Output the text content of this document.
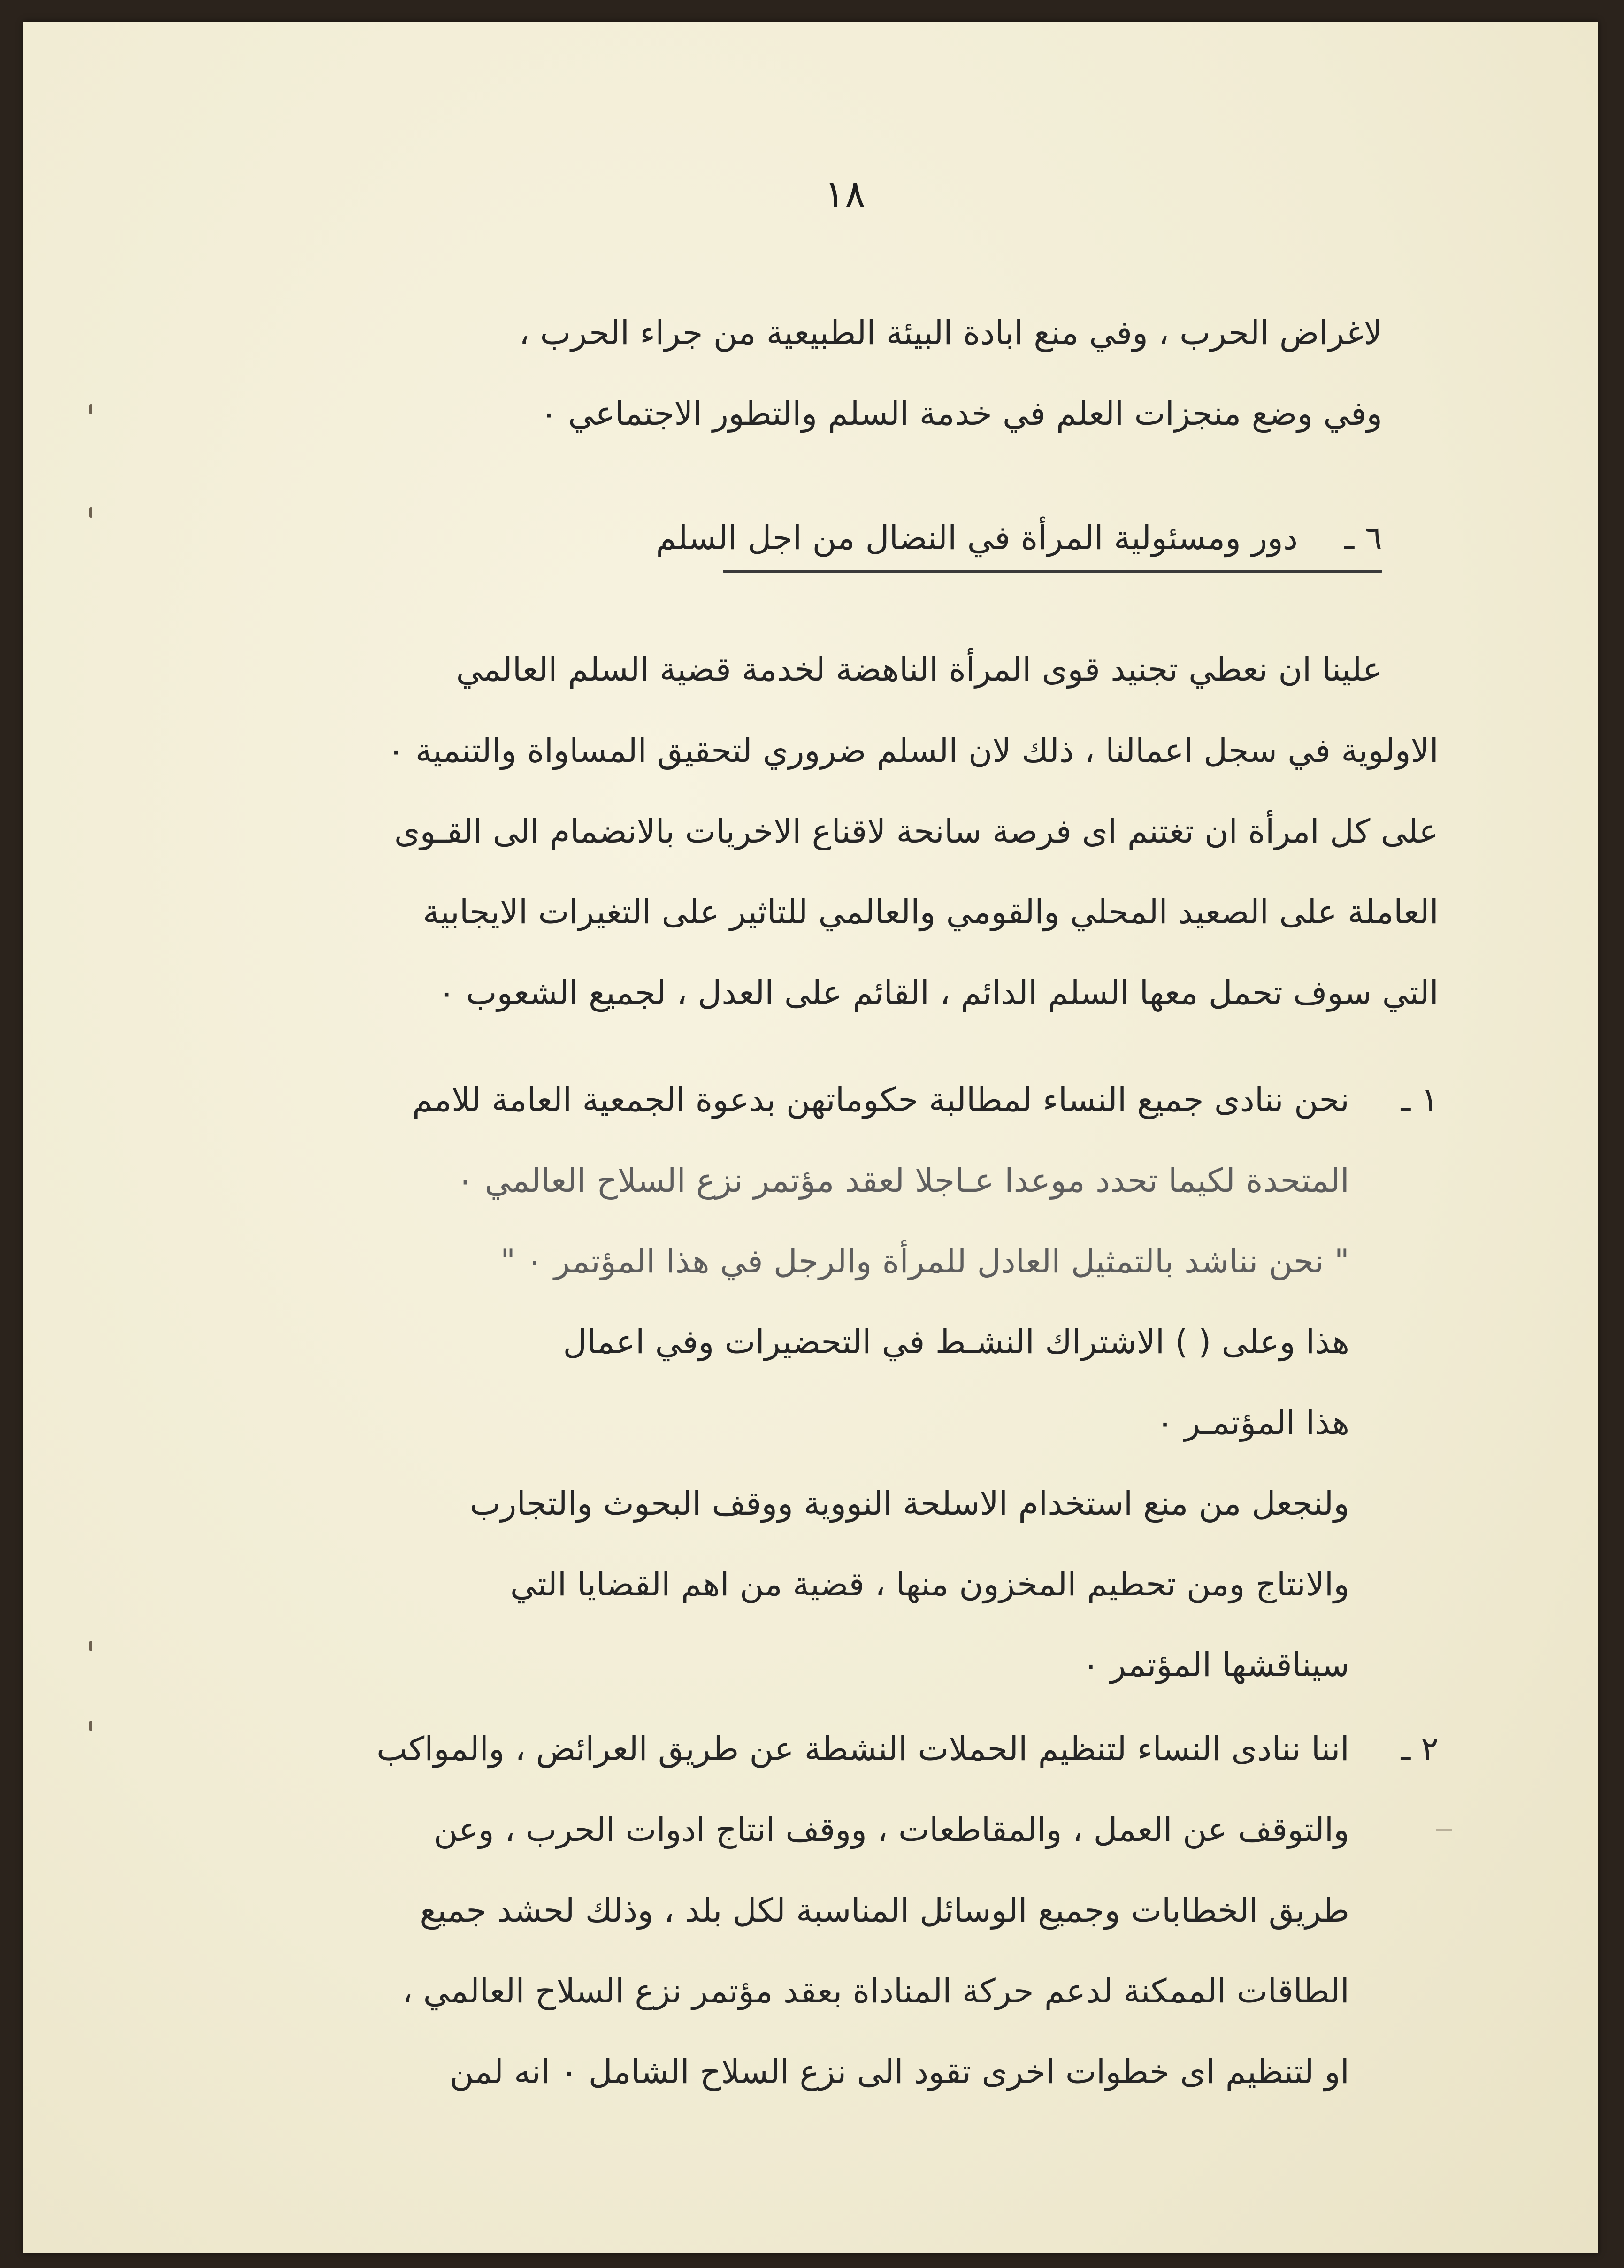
١٨
لاغراض الحرب ، وفي منع ابادة البيئة الطبيعية من جراء الحرب ،
وفي وضع منجزات العلم في خدمة السلم والتطور الاجتماعي ٠
٦ ـ
دور ومسئولية المرأة في النضال من اجل السلم
علينا ان نعطي تجنيد قوى المرأة الناهضة لخدمة قضية السلم العالمي
الاولوية في سجل اعمالنا ، ذلك لان السلم ضروري لتحقيق المساواة والتنمية ٠
على كل امرأة ان تغتنم اى فرصة سانحة لاقناع الاخريات بالانضمام الى القـوى
العاملة على الصعيد المحلي والقومي والعالمي للتاثير على التغيرات الايجابية
التي سوف تحمل معها السلم الدائم ، القائم على العدل ، لجميع الشعوب ٠
١ ـ
نحن ننادى جميع النساء لمطالبة حكوماتهن بدعوة الجمعية العامة للامم
المتحدة لكيما تحدد موعدا عـاجلا لعقد مؤتمر نزع السلاح العالمي ٠
" نحن نناشد بالتمثيل العادل للمرأة والرجل في هذا المؤتمر ٠ "
هذا وعلى ( ) الاشتراك النشـط في التحضيرات وفي اعمال
هذا المؤتمـر ٠
ولنجعل من منع استخدام الاسلحة النووية ووقف البحوث والتجارب
والانتاج ومن تحطيم المخزون منها ، قضية من اهم القضايا التي
سيناقشها المؤتمر ٠
٢ ـ
اننا ننادى النساء لتنظيم الحملات النشطة عن طريق العرائض ، والمواكب
والتوقف عن العمل ، والمقاطعات ، ووقف انتاج ادوات الحرب ، وعن
طريق الخطابات وجميع الوسائل المناسبة لكل بلد ، وذلك لحشد جميع
الطاقات الممكنة لدعم حركة المناداة بعقد مؤتمر نزع السلاح العالمي ،
او لتنظيم اى خطوات اخرى تقود الى نزع السلاح الشامل ٠ انه لمن
